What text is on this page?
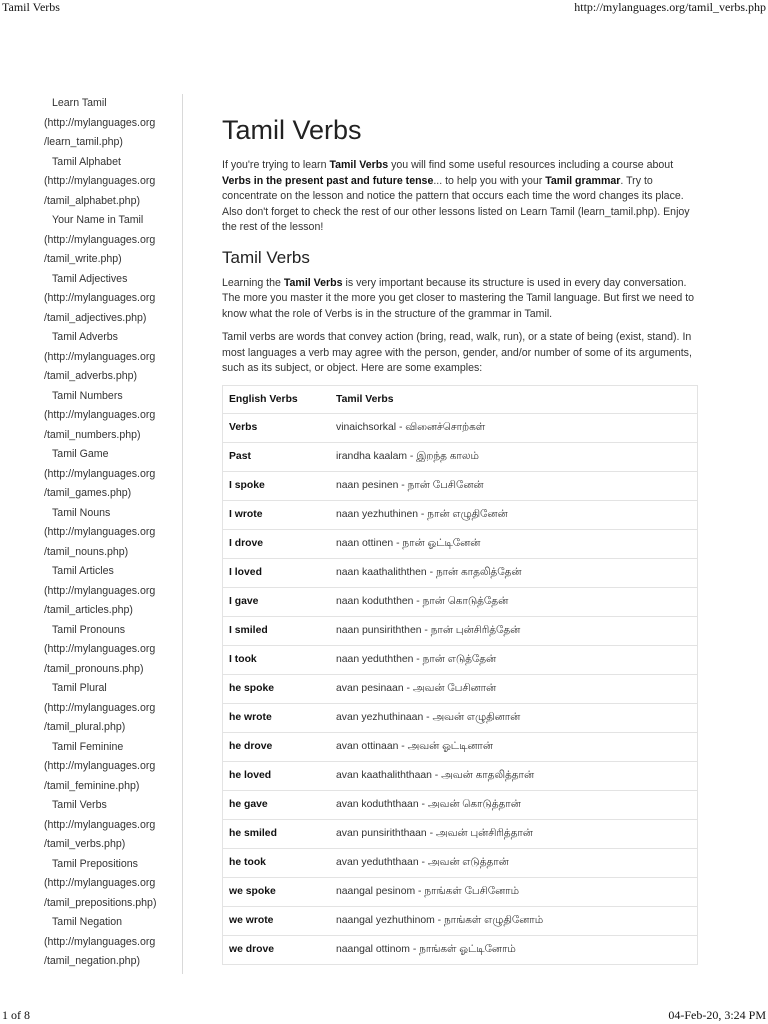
Tamil Verbs	http://mylanguages.org/tamil_verbs.php
Learn Tamil
(http://mylanguages.org
/learn_tamil.php)
Tamil Alphabet
(http://mylanguages.org
/tamil_alphabet.php)
Your Name in Tamil
(http://mylanguages.org
/tamil_write.php)
Tamil Adjectives
(http://mylanguages.org
/tamil_adjectives.php)
Tamil Adverbs
(http://mylanguages.org
/tamil_adverbs.php)
Tamil Numbers
(http://mylanguages.org
/tamil_numbers.php)
Tamil Game
(http://mylanguages.org
/tamil_games.php)
Tamil Nouns
(http://mylanguages.org
/tamil_nouns.php)
Tamil Articles
(http://mylanguages.org
/tamil_articles.php)
Tamil Pronouns
(http://mylanguages.org
/tamil_pronouns.php)
Tamil Plural
(http://mylanguages.org
/tamil_plural.php)
Tamil Feminine
(http://mylanguages.org
/tamil_feminine.php)
Tamil Verbs
(http://mylanguages.org
/tamil_verbs.php)
Tamil Prepositions
(http://mylanguages.org
/tamil_prepositions.php)
Tamil Negation
(http://mylanguages.org
/tamil_negation.php)
Tamil Verbs

If you're trying to learn Tamil Verbs you will find some useful resources including a course about Verbs in the present past and future tense... to help you with your Tamil grammar. Try to concentrate on the lesson and notice the pattern that occurs each time the word changes its place. Also don't forget to check the rest of our other lessons listed on Learn Tamil (learn_tamil.php). Enjoy the rest of the lesson!

Tamil Verbs

Learning the Tamil Verbs is very important because its structure is used in every day conversation. The more you master it the more you get closer to mastering the Tamil language. But first we need to know what the role of Verbs is in the structure of the grammar in Tamil.

Tamil verbs are words that convey action (bring, read, walk, run), or a state of being (exist, stand). In most languages a verb may agree with the person, gender, and/or number of some of its arguments, such as its subject, or object. Here are some examples:

English Verbs	Tamil Verbs
Verbs	vinaichsorkal - வினைச்சொற்கள்
Past	irandha kaalam - இறந்த காலம்
I spoke	naan pesinen - நான் பேசினேன்
I wrote	naan yezhuthinen - நான் எழுதினேன்
I drove	naan ottinen - நான் ஓட்டினேன்
I loved	naan kaathaliththen - நான் காதலித்தேன்
I gave	naan koduththen - நான் கொடுத்தேன்
I smiled	naan punsiriththen - நான் புன்சிரித்தேன்
I took	naan yeduththen - நான் எடுத்தேன்
he spoke	avan pesinaan - அவன் பேசினான்
he wrote	avan yezhuthinaan - அவன் எழுதினான்
he drove	avan ottinaan - அவன் ஓட்டினான்
he loved	avan kaathaliththaan - அவன் காதலித்தான்
he gave	avan koduththaan - அவன் கொடுத்தான்
he smiled	avan punsiriththaan - அவன் புன்சிரித்தான்
he took	avan yeduththaan - அவன் எடுத்தான்
we spoke	naangal pesinom - நாங்கள் பேசினோம்
we wrote	naangal yezhuthinom - நாங்கள் எழுதினோம்
we drove	naangal ottinom - நாங்கள் ஓட்டினோம்
1 of 8	04-Feb-20, 3:24 PM
